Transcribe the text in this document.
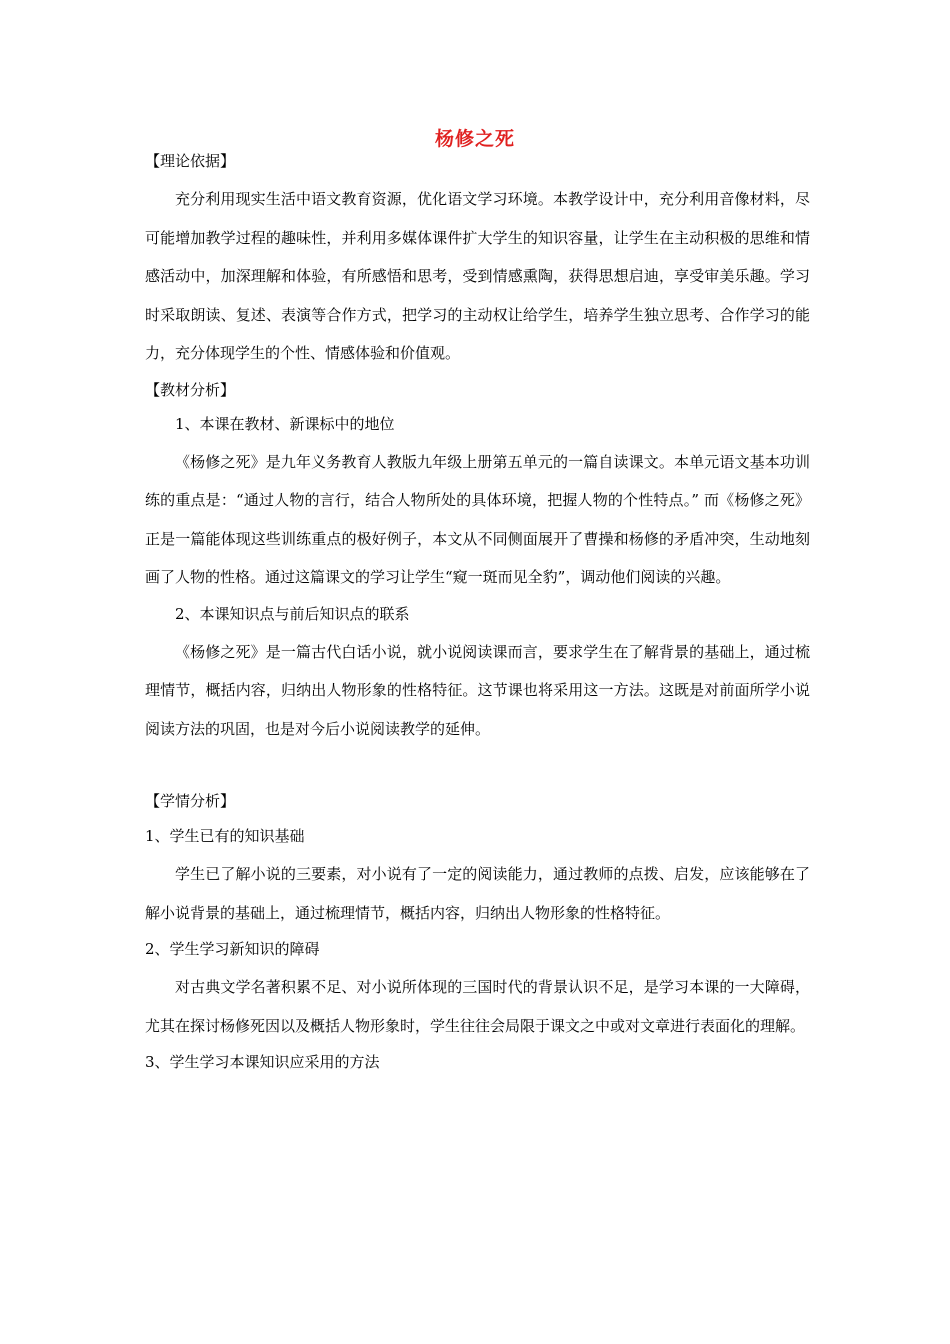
杨修之死
【理论依据】

充分利用现实生活中语文教育资源，优化语文学习环境。本教学设计中，充分利用音像材料，尽可能增加教学过程的趣味性，并利用多媒体课件扩大学生的知识容量，让学生在主动积极的思维和情感活动中，加深理解和体验，有所感悟和思考，受到情感熏陶，获得思想启迪，享受审美乐趣。学习时采取朗读、复述、表演等合作方式，把学习的主动权让给学生，培养学生独立思考、合作学习的能力，充分体现学生的个性、情感体验和价值观。

【教材分析】

1、本课在教材、新课标中的地位

《杨修之死》是九年义务教育人教版九年级上册第五单元的一篇自读课文。本单元语文基本功训练的重点是：“通过人物的言行，结合人物所处的具体环境，把握人物的个性特点。” 而《杨修之死》正是一篇能体现这些训练重点的极好例子，本文从不同侧面展开了曹操和杨修的矛盾冲突，生动地刻画了人物的性格。通过这篇课文的学习让学生“窥一斑而见全豹”，调动他们阅读的兴趣。

2、本课知识点与前后知识点的联系

《杨修之死》是一篇古代白话小说，就小说阅读课而言，要求学生在了解背景的基础上，通过梳理情节，概括内容，归纳出人物形象的性格特征。这节课也将采用这一方法。这既是对前面所学小说阅读方法的巩固，也是对今后小说阅读教学的延伸。

【学情分析】

1、学生已有的知识基础

学生已了解小说的三要素，对小说有了一定的阅读能力，通过教师的点拨、启发，应该能够在了解小说背景的基础上，通过梳理情节，概括内容，归纳出人物形象的性格特征。

2、学生学习新知识的障碍

对古典文学名著积累不足、对小说所体现的三国时代的背景认识不足，是学习本课的一大障碍，尤其在探讨杨修死因以及概括人物形象时，学生往往会局限于课文之中或对文章进行表面化的理解。

3、学生学习本课知识应采用的方法
